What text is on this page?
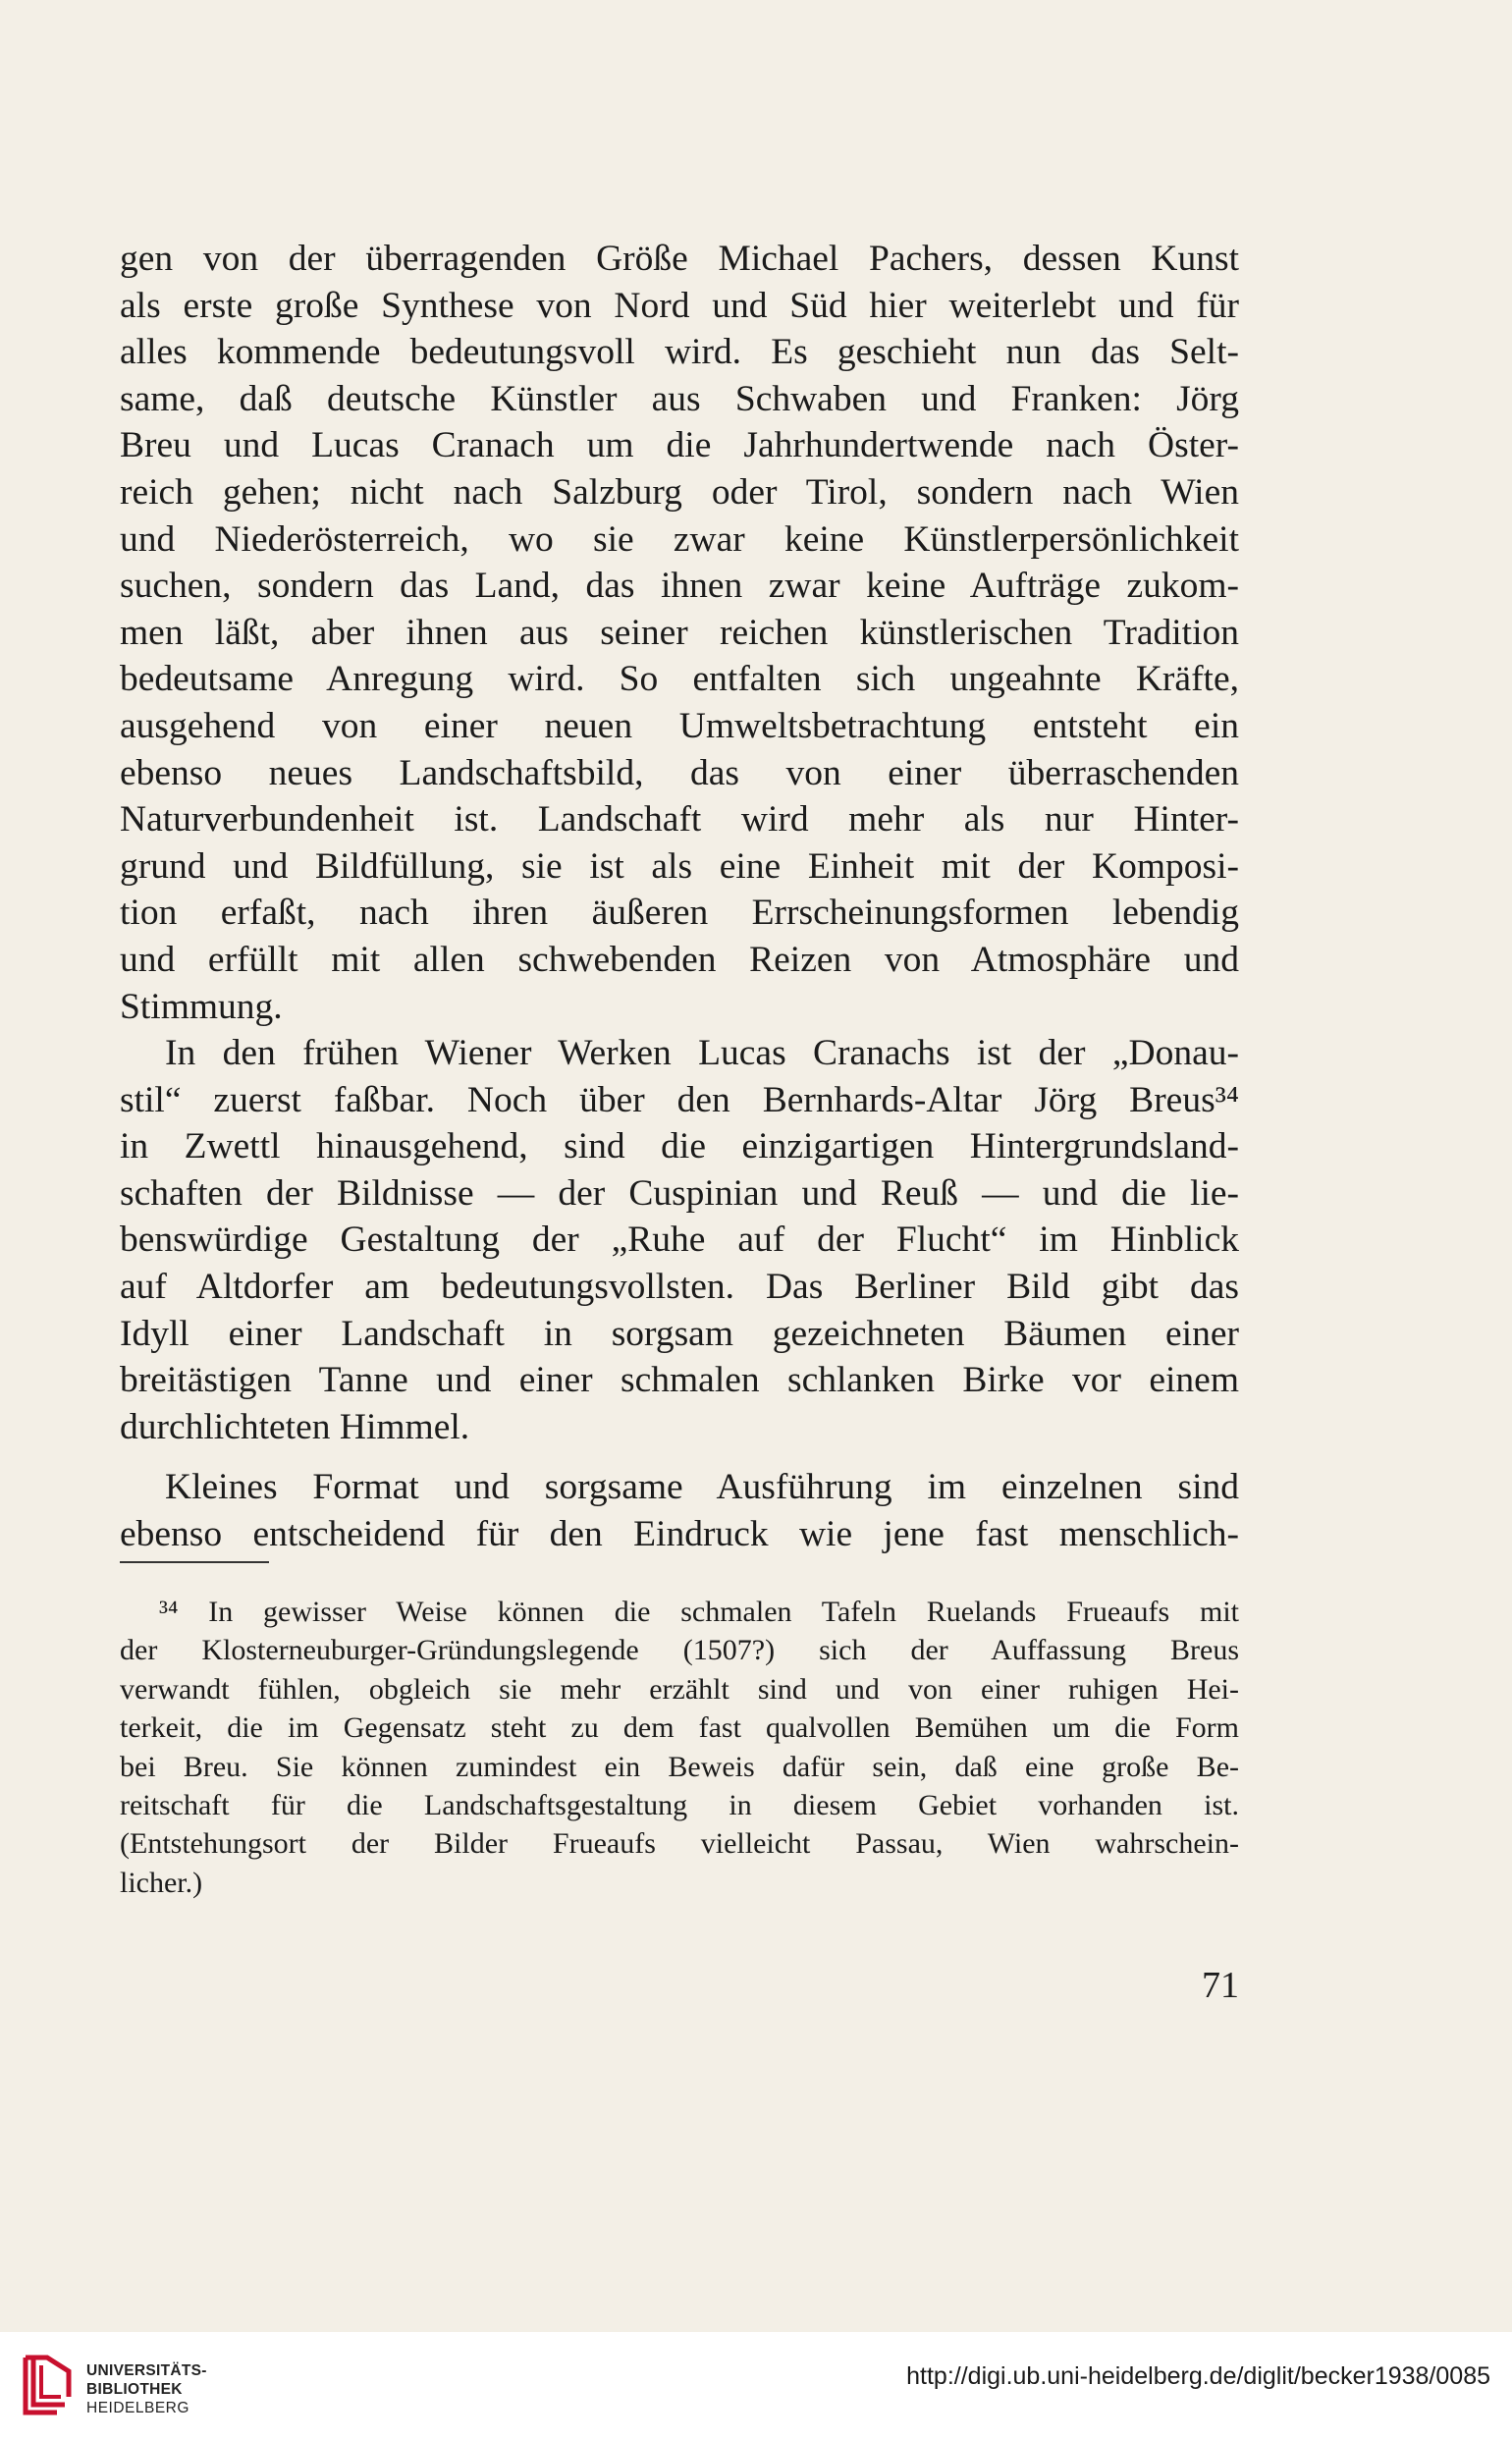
gen von der überragenden Größe Michael Pachers, dessen Kunst
als erste große Synthese von Nord und Süd hier weiterlebt und für
alles kommende bedeutungsvoll wird. Es geschieht nun das Selt-
same, daß deutsche Künstler aus Schwaben und Franken: Jörg
Breu und Lucas Cranach um die Jahrhundertwende nach Öster-
reich gehen; nicht nach Salzburg oder Tirol, sondern nach Wien
und Niederösterreich, wo sie zwar keine Künstlerpersönlichkeit
suchen, sondern das Land, das ihnen zwar keine Aufträge zukom-
men läßt, aber ihnen aus seiner reichen künstlerischen Tradition
bedeutsame Anregung wird. So entfalten sich ungeahnte Kräfte,
ausgehend von einer neuen Umweltsbetrachtung entsteht ein
ebenso neues Landschaftsbild, das von einer überraschenden
Naturverbundenheit ist. Landschaft wird mehr als nur Hinter-
grund und Bildfüllung, sie ist als eine Einheit mit der Komposi-
tion erfaßt, nach ihren äußeren Errscheinungsformen lebendig
und erfüllt mit allen schwebenden Reizen von Atmosphäre und
Stimmung.
In den frühen Wiener Werken Lucas Cranachs ist der „Donau-
stil“ zuerst faßbar. Noch über den Bernhards-Altar Jörg Breus³⁴
in Zwettl hinausgehend, sind die einzigartigen Hintergrundsland-
schaften der Bildnisse — der Cuspinian und Reuß — und die lie-
benswürdige Gestaltung der „Ruhe auf der Flucht“ im Hinblick
auf Altdorfer am bedeutungsvollsten. Das Berliner Bild gibt das
Idyll einer Landschaft in sorgsam gezeichneten Bäumen einer
breitästigen Tanne und einer schmalen schlanken Birke vor einem
durchlichteten Himmel.
Kleines Format und sorgsame Ausführung im einzelnen sind
ebenso entscheidend für den Eindruck wie jene fast menschlich-
³⁴ In gewisser Weise können die schmalen Tafeln Ruelands Frueaufs mit
der Klosterneuburger-Gründungslegende (1507?) sich der Auffassung Breus
verwandt fühlen, obgleich sie mehr erzählt sind und von einer ruhigen Hei-
terkeit, die im Gegensatz steht zu dem fast qualvollen Bemühen um die Form
bei Breu. Sie können zumindest ein Beweis dafür sein, daß eine große Be-
reitschaft für die Landschaftsgestaltung in diesem Gebiet vorhanden ist.
(Entstehungsort der Bilder Frueaufs vielleicht Passau, Wien wahrschein-
licher.)
71
UNIVERSITÄTS-
BIBLIOTHEK
HEIDELBERG
http://digi.ub.uni-heidelberg.de/diglit/becker1938/0085
